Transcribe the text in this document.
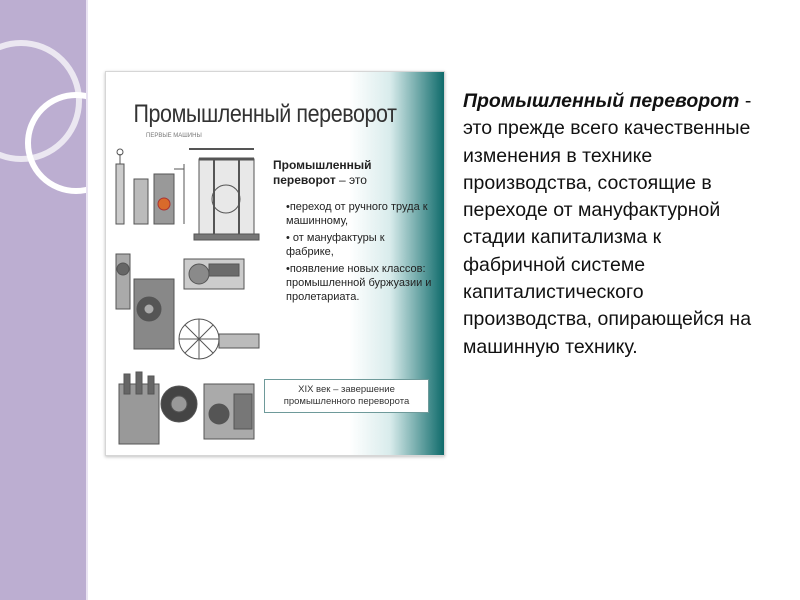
Промышленный переворот
ПЕРВЫЕ МАШИНЫ
Промышленный переворот – это
•переход от ручного труда к машинному,
• от мануфактуры к фабрике,
•появление новых классов: промышленной буржуазии и пролетариата.
XIX век – завершение промышленного переворота
Промышленный переворот - это прежде всего качественные изменения в технике производства, состоящие в переходе от мануфактурной стадии капитализма к фабричной системе капиталистического производства, опирающейся на машинную технику.
